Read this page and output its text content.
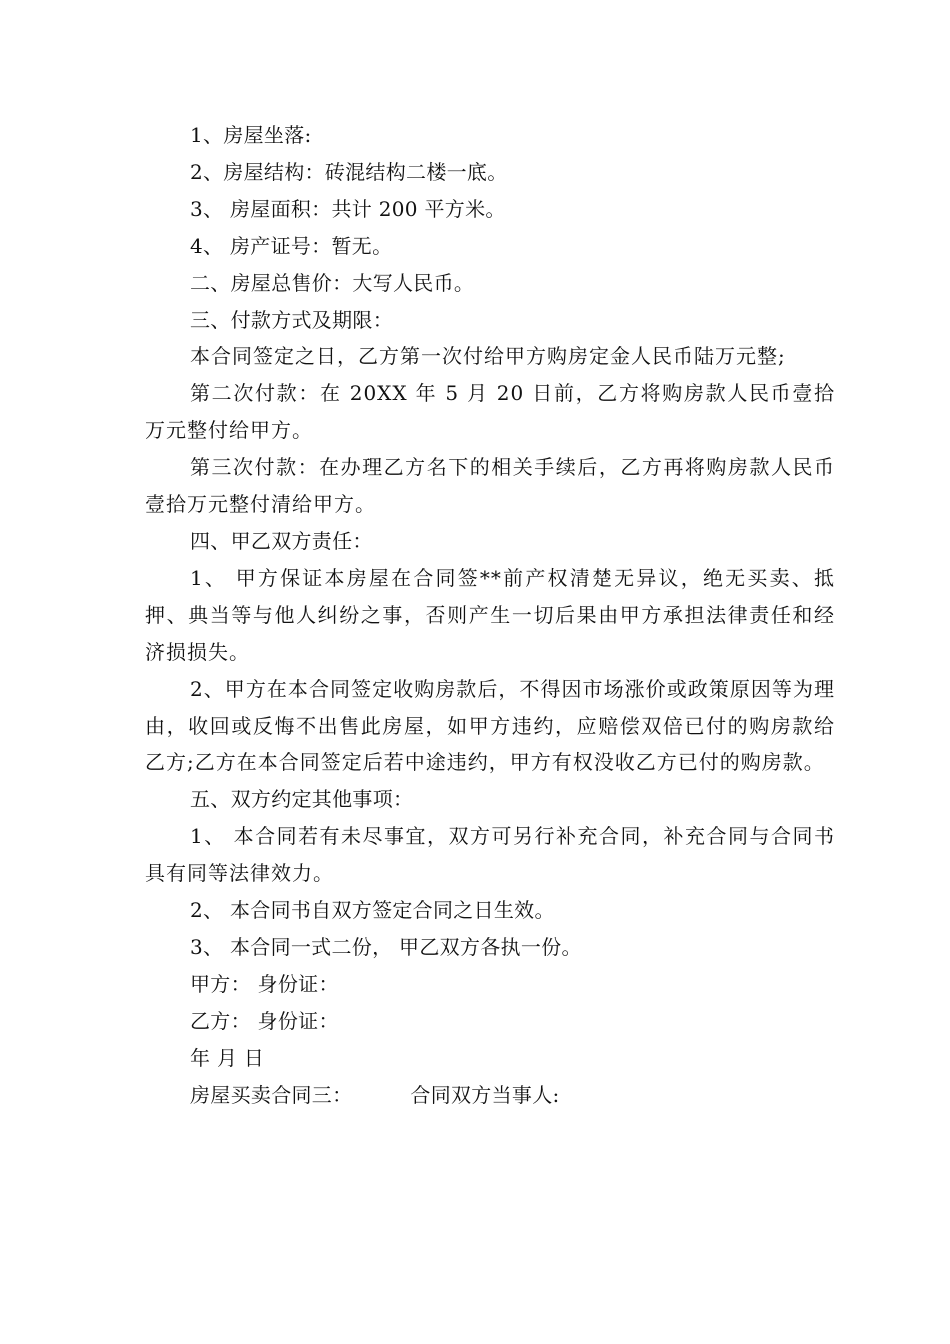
1、房屋坐落:
2、房屋结构：砖混结构二楼一底。
3、 房屋面积：共计 200 平方米。
4、 房产证号：暂无。
二、房屋总售价：大写人民币。
三、付款方式及期限：
本合同签定之日，乙方第一次付给甲方购房定金人民币陆万元整;
第二次付款：在 20XX 年 5 月 20 日前，乙方将购房款人民币壹拾万元整付给甲方。
第三次付款：在办理乙方名下的相关手续后，乙方再将购房款人民币 壹拾万元整付清给甲方。
四、甲乙双方责任：
1、 甲方保证本房屋在合同签**前产权清楚无异议，绝无买卖、抵押、典当等与他人纠纷之事，否则产生一切后果由甲方承担法律责任和经济损损失。
2、甲方在本合同签定收购房款后，不得因市场涨价或政策原因等为理由，收回或反悔不出售此房屋，如甲方违约，应赔偿双倍已付的购房款给乙方;乙方在本合同签定后若中途违约，甲方有权没收乙方已付的购房款。
五、双方约定其他事项：
1、 本合同若有未尽事宜，双方可另行补充合同，补充合同与合同书具有同等法律效力。
2、 本合同书自双方签定合同之日生效。
3、 本合同一式二份， 甲乙双方各执一份。
甲方： 身份证：
乙方： 身份证：
年 月 日
房屋买卖合同三：	合同双方当事人:
